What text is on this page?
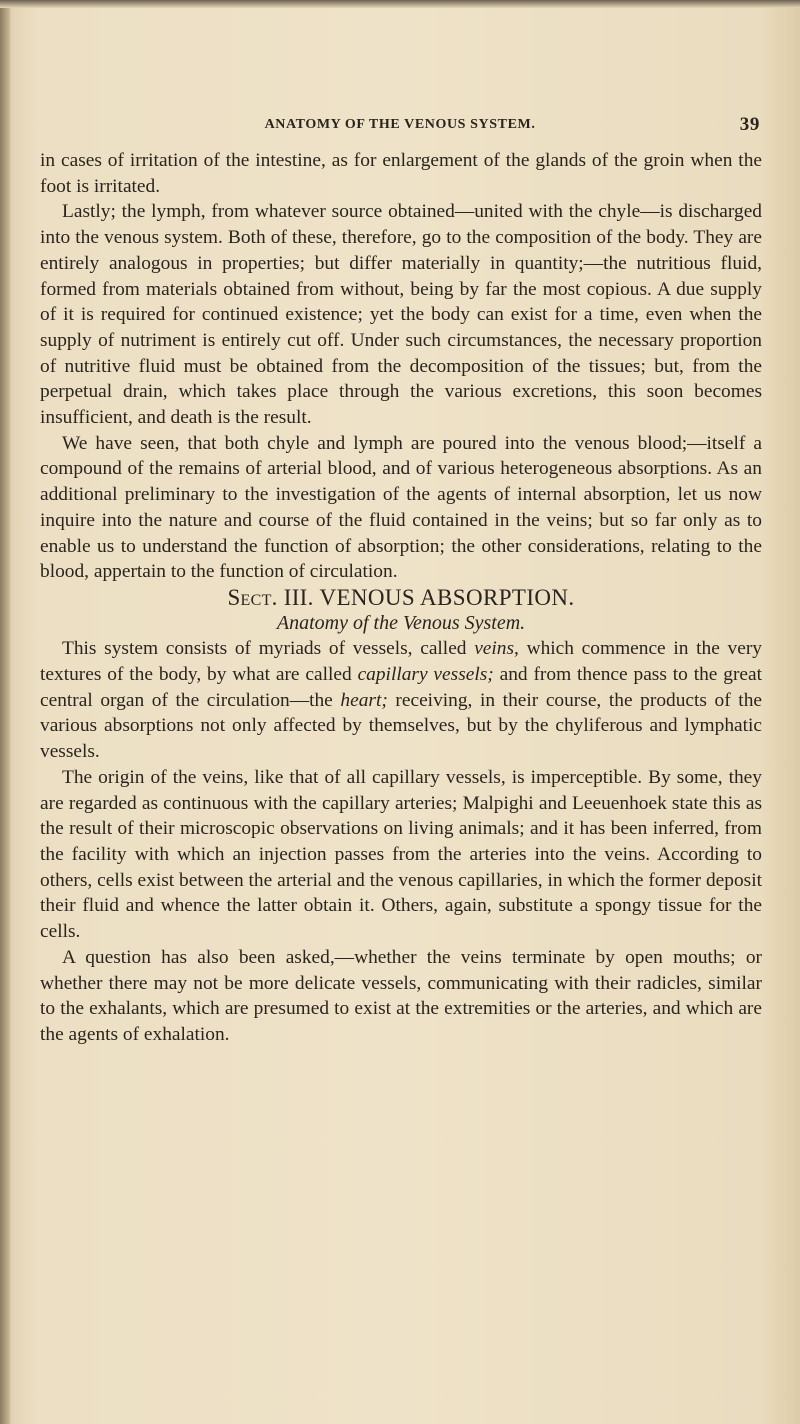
ANATOMY OF THE VENOUS SYSTEM.	39

in cases of irritation of the intestine, as for enlargement of the glands of the groin when the foot is irritated.

Lastly; the lymph, from whatever source obtained—united with the chyle—is discharged into the venous system. Both of these, therefore, go to the composition of the body. They are entirely analogous in properties; but differ materially in quantity;—the nutritious fluid, formed from materials obtained from without, being by far the most copious. A due supply of it is required for continued existence; yet the body can exist for a time, even when the supply of nutriment is entirely cut off. Under such circumstances, the necessary proportion of nutritive fluid must be obtained from the decomposition of the tissues; but, from the perpetual drain, which takes place through the various excretions, this soon becomes insufficient, and death is the result.

We have seen, that both chyle and lymph are poured into the venous blood;—itself a compound of the remains of arterial blood, and of various heterogeneous absorptions. As an additional preliminary to the investigation of the agents of internal absorption, let us now inquire into the nature and course of the fluid contained in the veins; but so far only as to enable us to understand the function of absorption; the other considerations, relating to the blood, appertain to the function of circulation.

Sect. III. VENOUS ABSORPTION.

Anatomy of the Venous System.

This system consists of myriads of vessels, called veins, which commence in the very textures of the body, by what are called capillary vessels; and from thence pass to the great central organ of the circulation—the heart; receiving, in their course, the products of the various absorptions not only affected by themselves, but by the chyliferous and lymphatic vessels.

The origin of the veins, like that of all capillary vessels, is imperceptible. By some, they are regarded as continuous with the capillary arteries; Malpighi and Leeuenhoek state this as the result of their microscopic observations on living animals; and it has been inferred, from the facility with which an injection passes from the arteries into the veins. According to others, cells exist between the arterial and the venous capillaries, in which the former deposit their fluid and whence the latter obtain it. Others, again, substitute a spongy tissue for the cells.

A question has also been asked,—whether the veins terminate by open mouths; or whether there may not be more delicate vessels, communicating with their radicles, similar to the exhalants, which are presumed to exist at the extremities or the arteries, and which are the agents of exhalation.
